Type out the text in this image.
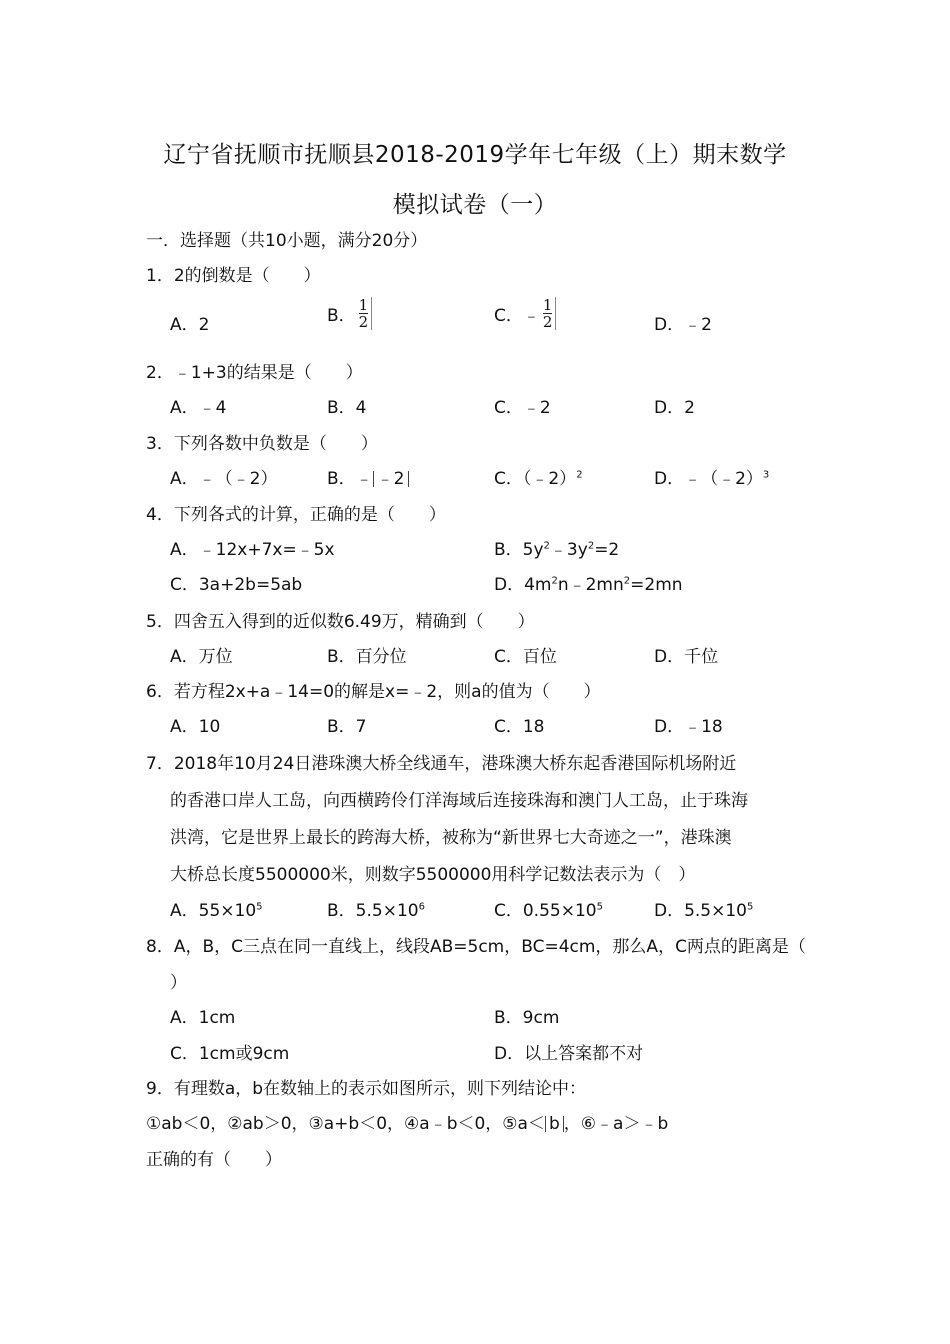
辽宁省抚顺市抚顺县2018-2019学年七年级（上）期末数学
模拟试卷（一）
一．选择题（共10小题，满分20分）
1．2的倒数是（　　）
A．2	B． $\frac{1}{2}$	C．﹣ $\frac{1}{2}$	D．﹣2
2．﹣1+3的结果是（　　）
A．﹣4	B．4	C．﹣2	D．2
3．下列各数中负数是（　　）
A．﹣（﹣2）	B．﹣ ﹣2	C．（﹣2）$^2$	D．﹣（﹣2）$^3$
4．下列各式的计算，正确的是（　　）
A．﹣12x+7x=﹣5x	B．$5y^2﹣3y^2=2$
C．3a+2b=5ab	D．$4m^2n﹣2mn^2=2mn$
5．四舍五入得到的近似数6.49万，精确到（　　）
A．万位	B．百分位	C．百位	D．千位
6．若方程2x+a﹣14=0的解是x=﹣2，则a的值为（　　）
A．10	B．7	C．18	D．﹣18
7．2018年10月24日港珠澳大桥全线通车，港珠澳大桥东起香港国际机场附近
的香港口岸人工岛，向西横跨伶仃洋海域后连接珠海和澳门人工岛，止于珠海
洪湾，它是世界上最长的跨海大桥，被称为“新世界七大奇迹之一”，港珠澳
大桥总长度5500000米，则数字5500000用科学记数法表示为（　）
A．$55\times 10^5$	B．$5.5\times 10^6$	C．$0.55\times 10^5$	D．$5.5\times 10^5$
8．A，B，C三点在同一直线上，线段AB=5cm，BC=4cm，那么A，C两点的距离是（
）
A．1cm	B．9cm
C．1cm或9cm	D．以上答案都不对
9．有理数a，b在数轴上的表示如图所示，则下列结论中：
①ab＜0，②ab＞0，③a+b＜0，④a﹣b＜0，⑤a＜ b ，⑥﹣a＞﹣b
正确的有（　　）
